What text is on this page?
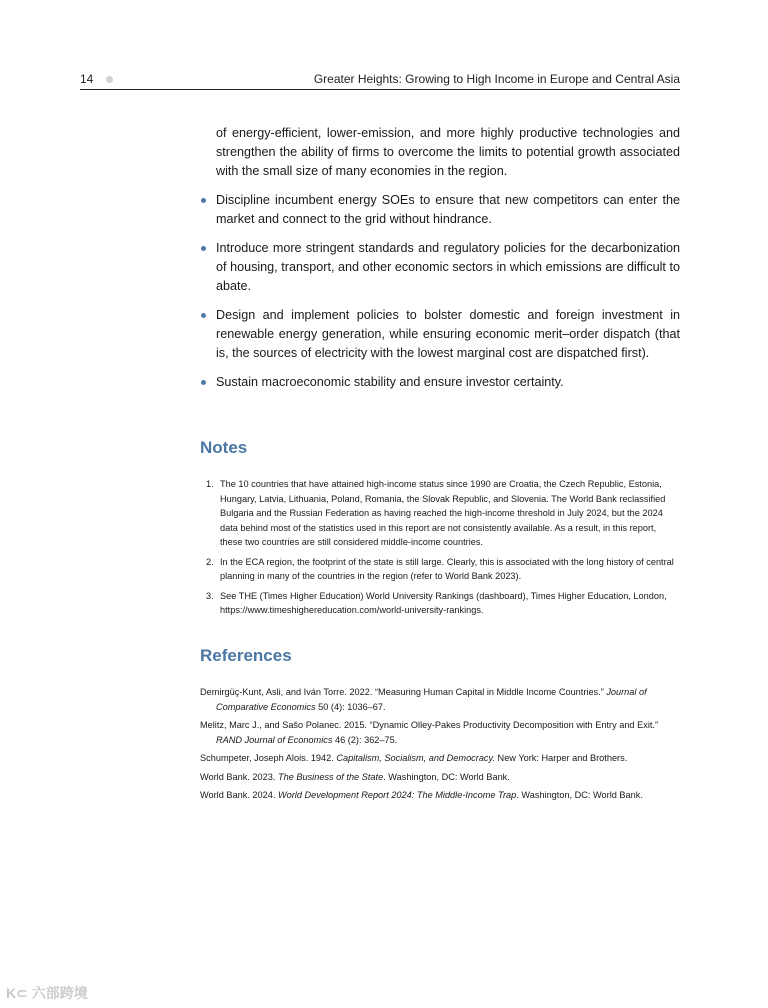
14	Greater Heights: Growing to High Income in Europe and Central Asia

of energy-efficient, lower-emission, and more highly productive technologies and strengthen the ability of firms to overcome the limits to potential growth associated with the small size of many economies in the region.

Discipline incumbent energy SOEs to ensure that new competitors can enter the market and connect to the grid without hindrance.
Introduce more stringent standards and regulatory policies for the decarbonization of housing, transport, and other economic sectors in which emissions are difficult to abate.
Design and implement policies to bolster domestic and foreign investment in renewable energy generation, while ensuring economic merit–order dispatch (that is, the sources of electricity with the lowest marginal cost are dispatched first).
Sustain macroeconomic stability and ensure investor certainty.
Notes
1. The 10 countries that have attained high-income status since 1990 are Croatia, the Czech Republic, Estonia, Hungary, Latvia, Lithuania, Poland, Romania, the Slovak Republic, and Slovenia. The World Bank reclassified Bulgaria and the Russian Federation as having reached the high-income threshold in July 2024, but the 2024 data behind most of the statistics used in this report are not consistently available. As a result, in this report, these two countries are still considered middle-income countries.
2. In the ECA region, the footprint of the state is still large. Clearly, this is associated with the long history of central planning in many of the countries in the region (refer to World Bank 2023).
3. See THE (Times Higher Education) World University Rankings (dashboard), Times Higher Education, London, https://www.timeshighereducation.com/world-university-rankings.
References
Demirgüç-Kunt, Asli, and Iván Torre. 2022. “Measuring Human Capital in Middle Income Countries.” Journal of Comparative Economics 50 (4): 1036–67.
Melitz, Marc J., and Sašo Polanec. 2015. “Dynamic Olley-Pakes Productivity Decomposition with Entry and Exit.” RAND Journal of Economics 46 (2): 362–75.
Schumpeter, Joseph Alois. 1942. Capitalism, Socialism, and Democracy. New York: Harper and Brothers.
World Bank. 2023. The Business of the State. Washington, DC: World Bank.
World Bank. 2024. World Development Report 2024: The Middle-Income Trap. Washington, DC: World Bank.
K⊂ 六部跨境
